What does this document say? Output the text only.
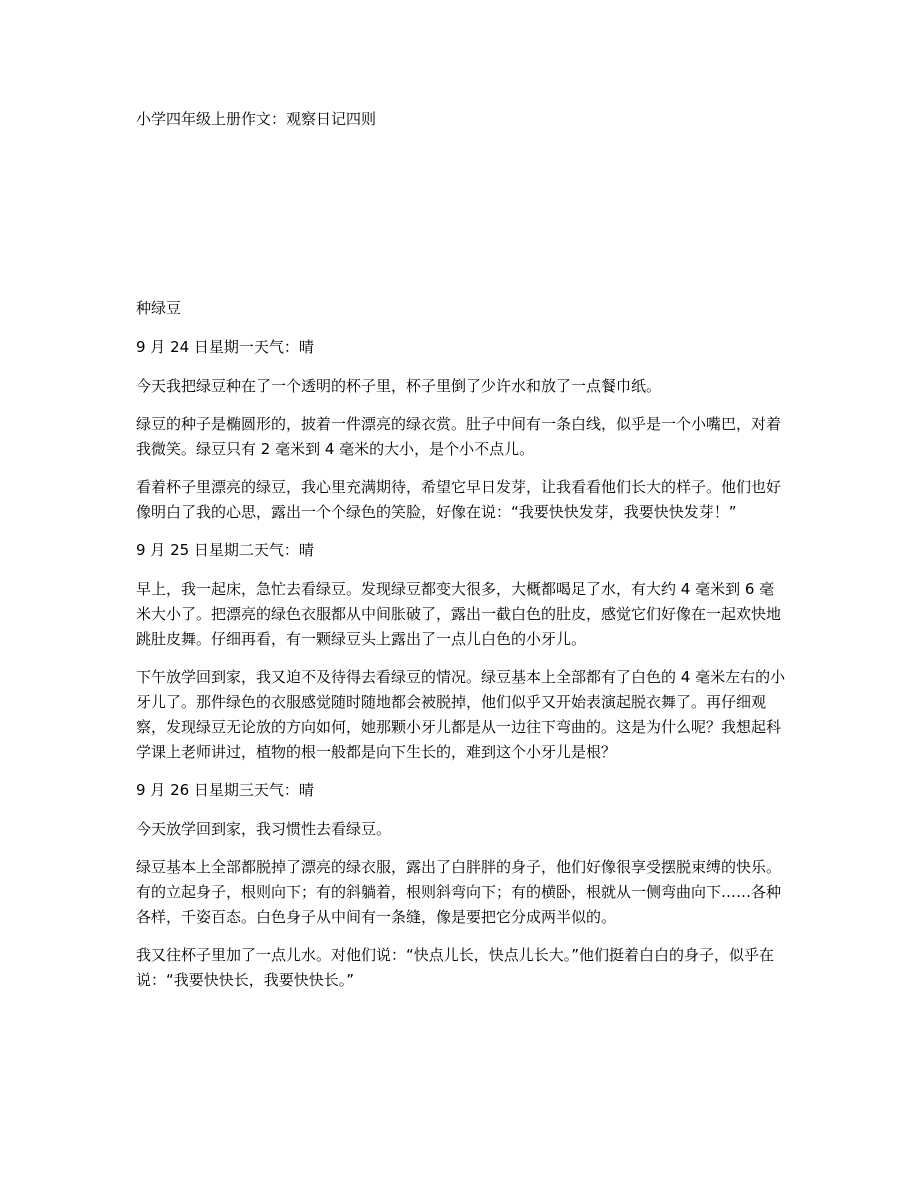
小学四年级上册作文：观察日记四则

种绿豆

9 月 24 日星期一天气：晴

今天我把绿豆种在了一个透明的杯子里，杯子里倒了少许水和放了一点餐巾纸。

绿豆的种子是椭圆形的，披着一件漂亮的绿衣赏。肚子中间有一条白线，似乎是一个小嘴巴，对着我微笑。绿豆只有 2 毫米到 4 毫米的大小，是个小不点儿。

看着杯子里漂亮的绿豆，我心里充满期待，希望它早日发芽，让我看看他们长大的样子。他们也好像明白了我的心思，露出一个个绿色的笑脸，好像在说：“我要快快发芽，我要快快发芽！”

9 月 25 日星期二天气：晴

早上，我一起床，急忙去看绿豆。发现绿豆都变大很多，大概都喝足了水，有大约 4 毫米到 6 毫米大小了。把漂亮的绿色衣服都从中间胀破了，露出一截白色的肚皮，感觉它们好像在一起欢快地跳肚皮舞。仔细再看，有一颗绿豆头上露出了一点儿白色的小牙儿。

下午放学回到家，我又迫不及待得去看绿豆的情况。绿豆基本上全部都有了白色的 4 毫米左右的小牙儿了。那件绿色的衣服感觉随时随地都会被脱掉，他们似乎又开始表演起脱衣舞了。再仔细观察，发现绿豆无论放的方向如何，她那颗小牙儿都是从一边往下弯曲的。这是为什么呢？我想起科学课上老师讲过，植物的根一般都是向下生长的，难到这个小牙儿是根？

9 月 26 日星期三天气：晴

今天放学回到家，我习惯性去看绿豆。

绿豆基本上全部都脱掉了漂亮的绿衣服，露出了白胖胖的身子，他们好像很享受摆脱束缚的快乐。有的立起身子，根则向下；有的斜躺着，根则斜弯向下；有的横卧，根就从一侧弯曲向下……各种各样，千姿百态。白色身子从中间有一条缝，像是要把它分成两半似的。

我又往杯子里加了一点儿水。对他们说：“快点儿长，快点儿长大。”他们挺着白白的身子，似乎在说：“我要快快长，我要快快长。”
